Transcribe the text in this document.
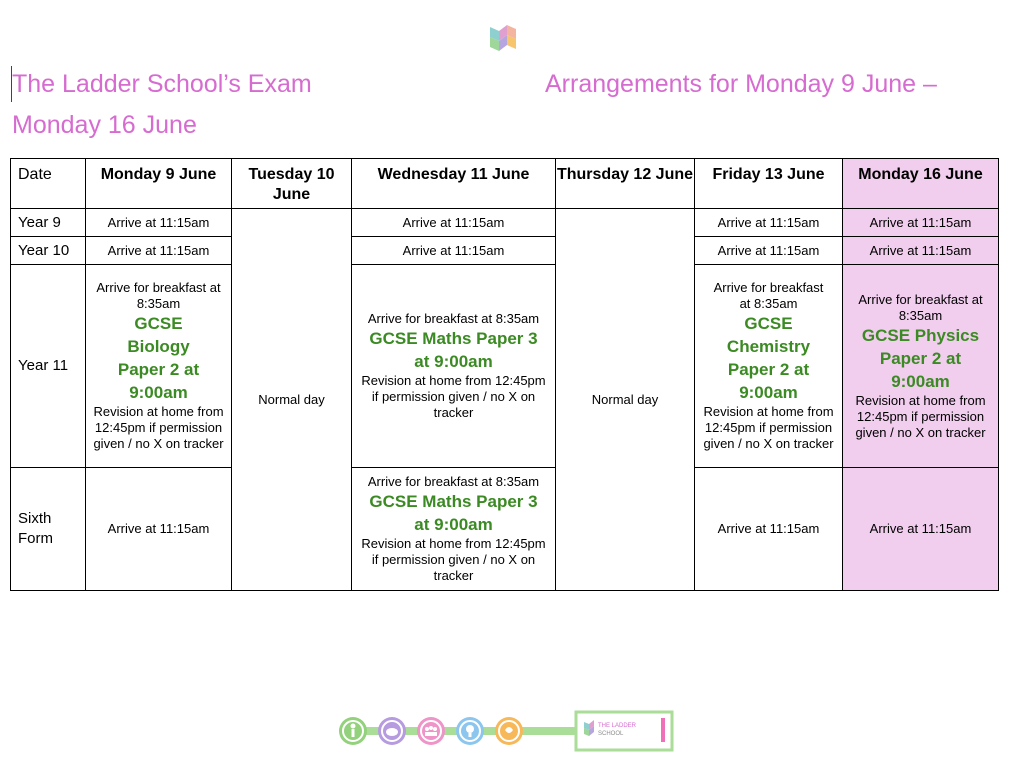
The Ladder School’s Exam	Arrangements for Monday 9 June –
Monday 16 June
Date	Monday 9 June	Tuesday 10 June	Wednesday 11 June	Thursday 12 June	Friday 13 June	Monday 16 June
Year 9	Arrive at 11:15am	Normal day	Arrive at 11:15am	Normal day	Arrive at 11:15am	Arrive at 11:15am
Year 10	Arrive at 11:15am		Arrive at 11:15am		Arrive at 11:15am	Arrive at 11:15am
Year 11	Arrive for breakfast at 8:35am
GCSE Biology Paper 2 at 9:00am
Revision at home from 12:45pm if permission given / no X on tracker		Arrive for breakfast at 8:35am
GCSE Maths Paper 3 at 9:00am
Revision at home from 12:45pm if permission given / no X on tracker		Arrive for breakfast at 8:35am
GCSE Chemistry Paper 2 at 9:00am
Revision at home from 12:45pm if permission given / no X on tracker	Arrive for breakfast at 8:35am
GCSE Physics Paper 2 at 9:00am
Revision at home from 12:45pm if permission given / no X on tracker

Sixth Form	Arrive at 11:15am		Arrive for breakfast at 8:35am
GCSE Maths Paper 3 at 9:00am
Revision at home from 12:45pm if permission given / no X on tracker		Arrive at 11:15am	Arrive at 11:15am
THE LADDER
SCHOOL
